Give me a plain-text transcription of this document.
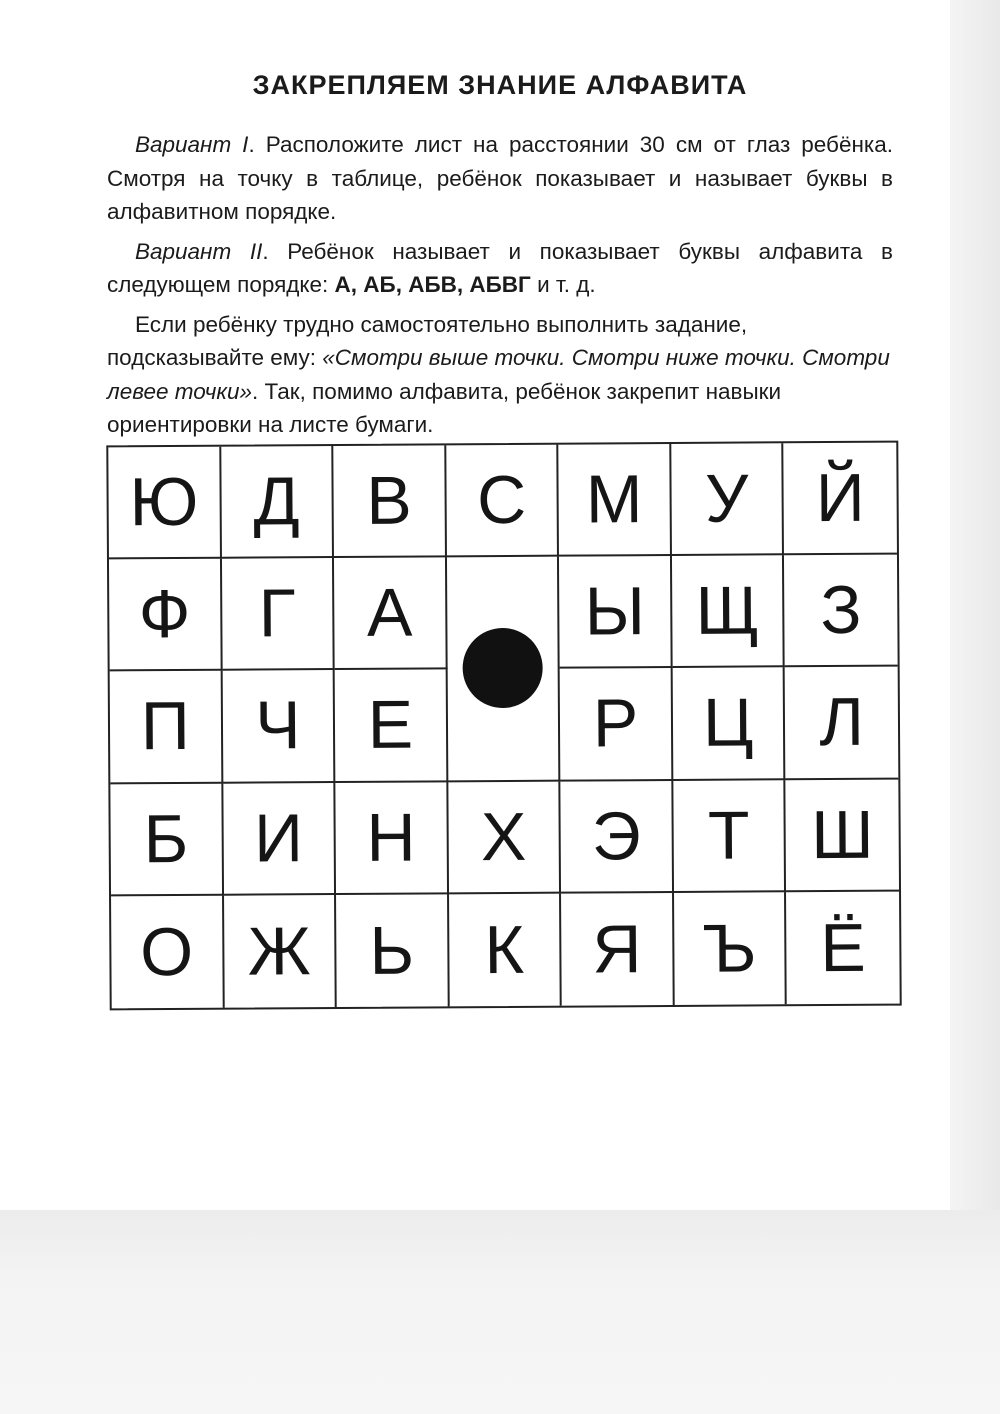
ЗАКРЕПЛЯЕМ ЗНАНИЕ АЛФАВИТА

Вариант I. Расположите лист на расстоянии 30 см от глаз ребёнка. Смотря на точку в таблице, ребёнок показывает и называет буквы в алфавитном порядке.

Вариант II. Ребёнок называет и показывает буквы алфавита в следующем порядке: А, АБ, АБВ, АБВГ и т. д.

Если ребёнку трудно самостоятельно выполнить задание, подсказывайте ему: «Смотри выше точки. Смотри ниже точки. Смотри левее точки». Так, помимо алфавита, ребёнок закрепит навыки ориентировки на листе бумаги.

Ю Д В С М У Й
Ф Г	А	Ы Щ З
П Ч Е	Р Ц Л
Б И Н Х Э Т Ш
О Ж Ь	К Я Ъ Ё
